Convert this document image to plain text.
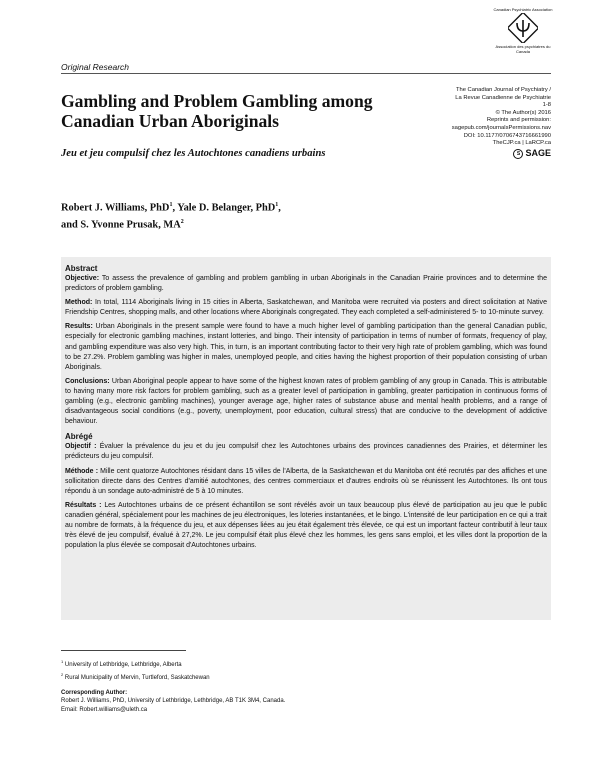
Canadian Psychiatric Association
Association des psychiatres du Canada
Original Research
The Canadian Journal of Psychiatry /
La Revue Canadienne de Psychiatrie
1-8
© The Author(s) 2016
Reprints and permission:
sagepub.com/journalsPermissions.nav
DOI: 10.1177/0706743716661990
TheCJP.ca | LaRCP.ca
S SAGE
Gambling and Problem Gambling among Canadian Urban Aboriginals
Jeu et jeu compulsif chez les Autochtones canadiens urbains
Robert J. Williams, PhD$^1$, Yale D. Belanger, PhD$^1$,
and S. Yvonne Prusak, $MA^2$
Abstract

Objective: To assess the prevalence of gambling and problem gambling in urban Aboriginals in the Canadian Prairie provinces and to determine the predictors of problem gambling.

Method: In total, 1114 Aboriginals living in 15 cities in Alberta, Saskatchewan, and Manitoba were recruited via posters and direct solicitation at Native Friendship Centres, shopping malls, and other locations where Aboriginals congregated. They each completed a self-administered 5- to 10-minute survey.

Results: Urban Aboriginals in the present sample were found to have a much higher level of gambling participation than the general Canadian public, especially for electronic gambling machines, instant lotteries, and bingo. Their intensity of participation in terms of number of formats, frequency of play, and gambling expenditure was also very high. This, in turn, is an important contributing factor to their very high rate of problem gambling, which was found to be 27.2%. Problem gambling was higher in males, unemployed people, and cities having the highest proportion of their population consisting of urban Aboriginals.

Conclusions: Urban Aboriginal people appear to have some of the highest known rates of problem gambling of any group in Canada. This is attributable to having many more risk factors for problem gambling, such as a greater level of participation in gambling, greater participation in continuous forms of gambling (e.g., electronic gambling machines), younger average age, higher rates of substance abuse and mental health problems, and a range of disadvantageous social conditions (e.g., poverty, unemployment, poor education, cultural stress) that are conducive to the development of addictive behaviour.

Abrégé

Objectif : Évaluer la prévalence du jeu et du jeu compulsif chez les Autochtones urbains des provinces canadiennes des Prairies, et déterminer les prédicteurs du jeu compulsif.

Méthode : Mille cent quatorze Autochtones résidant dans 15 villes de l'Alberta, de la Saskatchewan et du Manitoba ont été recrutés par des affiches et une sollicitation directe dans des Centres d'amitié autochtones, des centres commerciaux et d'autres endroits où se réunissent les Autochtones. Ils ont tous répondu à un sondage auto-administré de 5 à 10 minutes.

Résultats : Les Autochtones urbains de ce présent échantillon se sont révélés avoir un taux beaucoup plus élevé de participation au jeu que le public canadien général, spécialement pour les machines de jeu électroniques, les loteries instantanées, et le bingo. L'intensité de leur participation en ce qui a trait au nombre de formats, à la fréquence du jeu, et aux dépenses liées au jeu était également très élevée, ce qui est un important facteur contributif à leur taux très élevé de jeu compulsif, évalué à 27,2%. Le jeu compulsif était plus élevé chez les hommes, les gens sans emploi, et les villes dont la proportion de la population la plus élevée se composait d'Autochtones urbains.

$^1$ University of Lethbridge, Lethbridge, Alberta
$^2$ Rural Municipality of Mervin, Turtleford, Saskatchewan
Corresponding Author:
Robert J. Williams, PhD, University of Lethbridge, Lethbridge, AB T1K 3M4, Canada.
Email: Robert.williams@uleth.ca
